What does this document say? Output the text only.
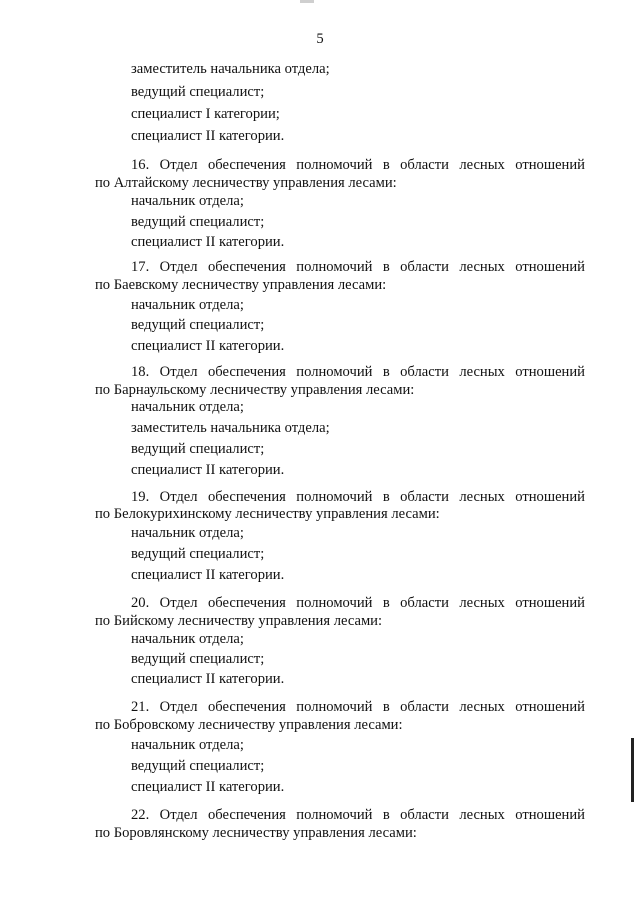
5
заместитель начальника отдела;
ведущий специалист;
специалист I категории;
специалист II категории.
16. Отдел обеспечения полномочий в области лесных отношений
по Алтайскому лесничеству управления лесами:
начальник отдела;
ведущий специалист;
специалист II категории.
17. Отдел обеспечения полномочий в области лесных отношений
по Баевскому лесничеству управления лесами:
начальник отдела;
ведущий специалист;
специалист II категории.
18. Отдел обеспечения полномочий в области лесных отношений
по Барнаульскому лесничеству управления лесами:
начальник отдела;
заместитель начальника отдела;
ведущий специалист;
специалист II категории.
19. Отдел обеспечения полномочий в области лесных отношений
по Белокурихинскому лесничеству управления лесами:
начальник отдела;
ведущий специалист;
специалист II категории.
20. Отдел обеспечения полномочий в области лесных отношений
по Бийскому лесничеству управления лесами:
начальник отдела;
ведущий специалист;
специалист II категории.
21. Отдел обеспечения полномочий в области лесных отношений
по Бобровскому лесничеству управления лесами:
начальник отдела;
ведущий специалист;
специалист II категории.
22. Отдел обеспечения полномочий в области лесных отношений
по Боровлянскому лесничеству управления лесами:
